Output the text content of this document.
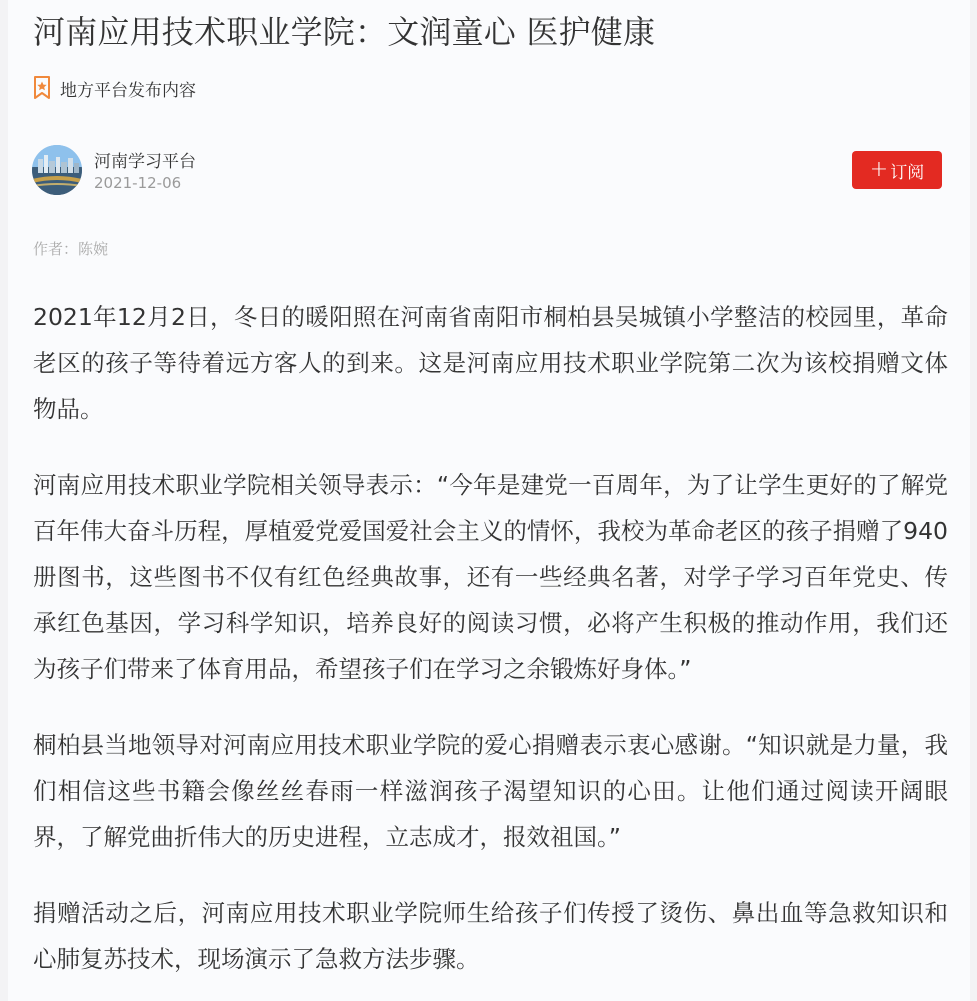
河南应用技术职业学院：文润童心 医护健康
地方平台发布内容
河南学习平台
2021-12-06
+ 订阅
作者：陈婉

2021年12月2日，冬日的暖阳照在河南省南阳市桐柏县吴城镇小学整洁的校园里，革命老区的孩子等待着远方客人的到来。这是河南应用技术职业学院第二次为该校捐赠文体物品。

河南应用技术职业学院相关领导表示：“今年是建党一百周年，为了让学生更好的了解党百年伟大奋斗历程，厚植爱党爱国爱社会主义的情怀，我校为革命老区的孩子捐赠了940册图书，这些图书不仅有红色经典故事，还有一些经典名著，对学子学习百年党史、传承红色基因，学习科学知识，培养良好的阅读习惯，必将产生积极的推动作用，我们还为孩子们带来了体育用品，希望孩子们在学习之余锻炼好身体。”

桐柏县当地领导对河南应用技术职业学院的爱心捐赠表示衷心感谢。“知识就是力量，我们相信这些书籍会像丝丝春雨一样滋润孩子渴望知识的心田。让他们通过阅读开阔眼界，了解党曲折伟大的历史进程，立志成才，报效祖国。”

捐赠活动之后，河南应用技术职业学院师生给孩子们传授了烫伤、鼻出血等急救知识和心肺复苏技术，现场演示了急救方法步骤。
